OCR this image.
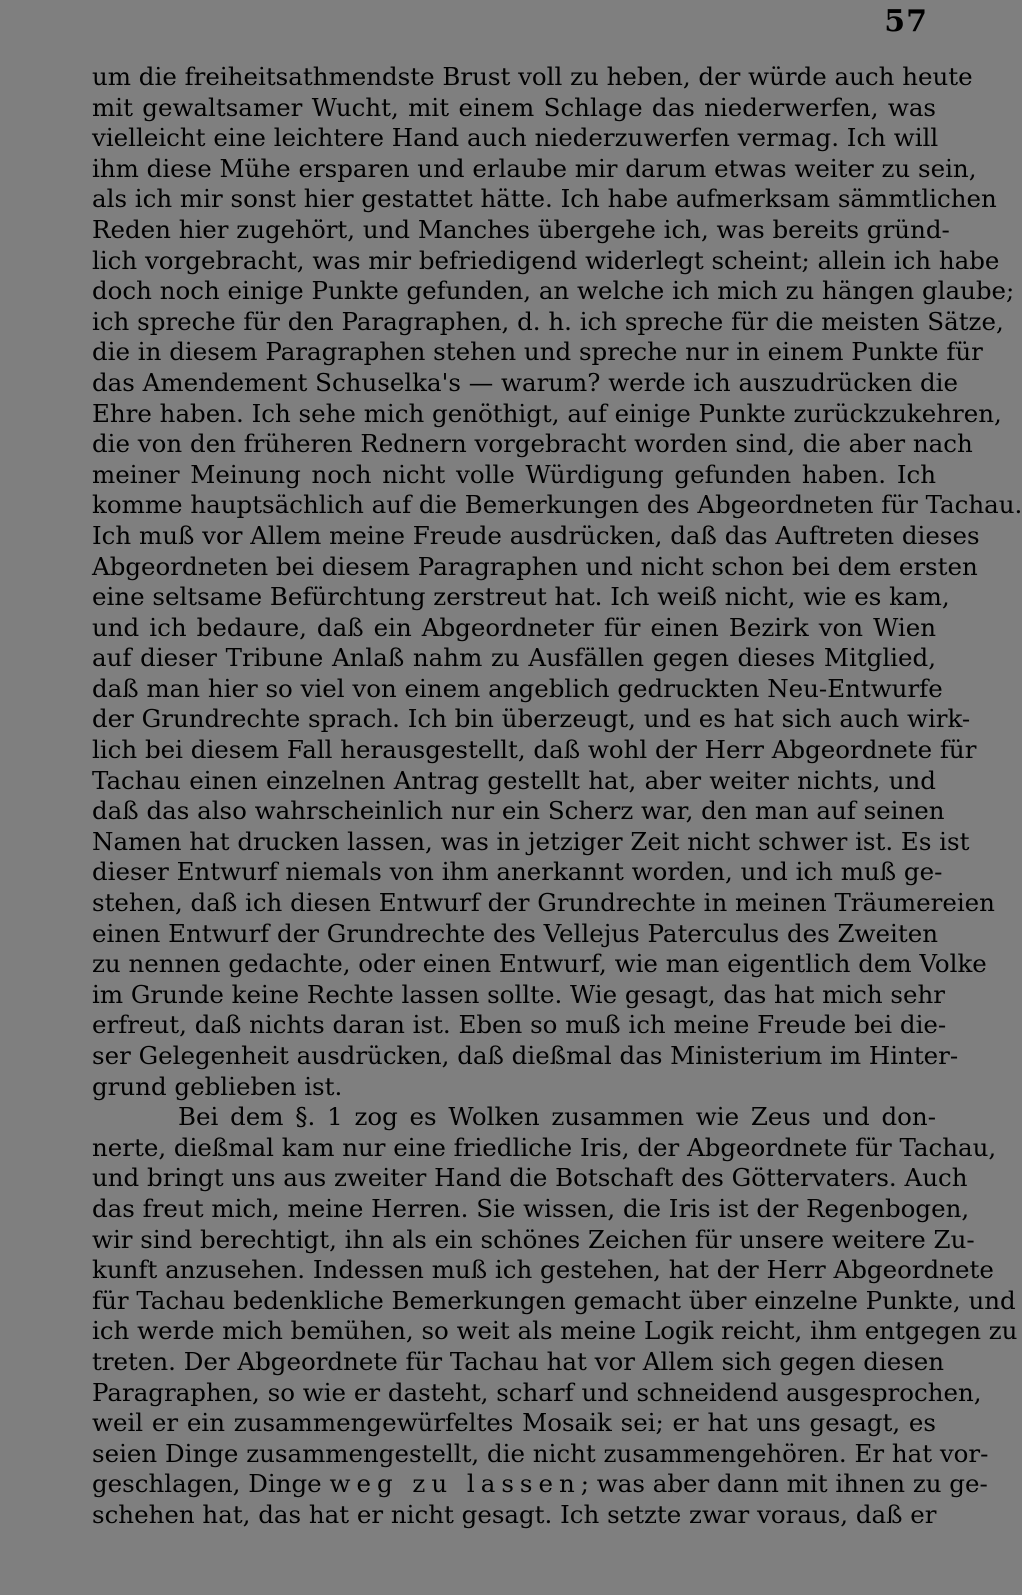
57
um die freiheitsathmendste Brust voll zu heben, der würde auch heute
mit gewaltsamer Wucht, mit einem Schlage das niederwerfen, was
vielleicht eine leichtere Hand auch niederzuwerfen vermag. Ich will
ihm diese Mühe ersparen und erlaube mir darum etwas weiter zu sein,
als ich mir sonst hier gestattet hätte. Ich habe aufmerksam sämmtlichen
Reden hier zugehört, und Manches übergehe ich, was bereits gründ-
lich vorgebracht, was mir befriedigend widerlegt scheint; allein ich habe
doch noch einige Punkte gefunden, an welche ich mich zu hängen glaube;
ich spreche für den Paragraphen, d. h. ich spreche für die meisten Sätze,
die in diesem Paragraphen stehen und spreche nur in einem Punkte für
das Amendement Schuselka's — warum? werde ich auszudrücken die
Ehre haben. Ich sehe mich genöthigt, auf einige Punkte zurückzukehren,
die von den früheren Rednern vorgebracht worden sind, die aber nach
meiner Meinung noch nicht volle Würdigung gefunden haben. Ich
komme hauptsächlich auf die Bemerkungen des Abgeordneten für Tachau.
Ich muß vor Allem meine Freude ausdrücken, daß das Auftreten dieses
Abgeordneten bei diesem Paragraphen und nicht schon bei dem ersten
eine seltsame Befürchtung zerstreut hat. Ich weiß nicht, wie es kam,
und ich bedaure, daß ein Abgeordneter für einen Bezirk von Wien
auf dieser Tribune Anlaß nahm zu Ausfällen gegen dieses Mitglied,
daß man hier so viel von einem angeblich gedruckten Neu-Entwurfe
der Grundrechte sprach. Ich bin überzeugt, und es hat sich auch wirk-
lich bei diesem Fall herausgestellt, daß wohl der Herr Abgeordnete für
Tachau einen einzelnen Antrag gestellt hat, aber weiter nichts, und
daß das also wahrscheinlich nur ein Scherz war, den man auf seinen
Namen hat drucken lassen, was in jetziger Zeit nicht schwer ist. Es ist
dieser Entwurf niemals von ihm anerkannt worden, und ich muß ge-
stehen, daß ich diesen Entwurf der Grundrechte in meinen Träumereien
einen Entwurf der Grundrechte des Vellejus Paterculus des Zweiten
zu nennen gedachte, oder einen Entwurf, wie man eigentlich dem Volke
im Grunde keine Rechte lassen sollte. Wie gesagt, das hat mich sehr
erfreut, daß nichts daran ist. Eben so muß ich meine Freude bei die-
ser Gelegenheit ausdrücken, daß dießmal das Ministerium im Hinter-
grund geblieben ist.
Bei dem §. 1 zog es Wolken zusammen wie Zeus und don-
nerte, dießmal kam nur eine friedliche Iris, der Abgeordnete für Tachau,
und bringt uns aus zweiter Hand die Botschaft des Göttervaters. Auch
das freut mich, meine Herren. Sie wissen, die Iris ist der Regenbogen,
wir sind berechtigt, ihn als ein schönes Zeichen für unsere weitere Zu-
kunft anzusehen. Indessen muß ich gestehen, hat der Herr Abgeordnete
für Tachau bedenkliche Bemerkungen gemacht über einzelne Punkte, und
ich werde mich bemühen, so weit als meine Logik reicht, ihm entgegen zu
treten. Der Abgeordnete für Tachau hat vor Allem sich gegen diesen
Paragraphen, so wie er dasteht, scharf und schneidend ausgesprochen,
weil er ein zusammengewürfeltes Mosaik sei; er hat uns gesagt, es
seien Dinge zusammengestellt, die nicht zusammengehören. Er hat vor-
geschlagen, Dinge weg zu lassen; was aber dann mit ihnen zu ge-
schehen hat, das hat er nicht gesagt. Ich setzte zwar voraus, daß er
